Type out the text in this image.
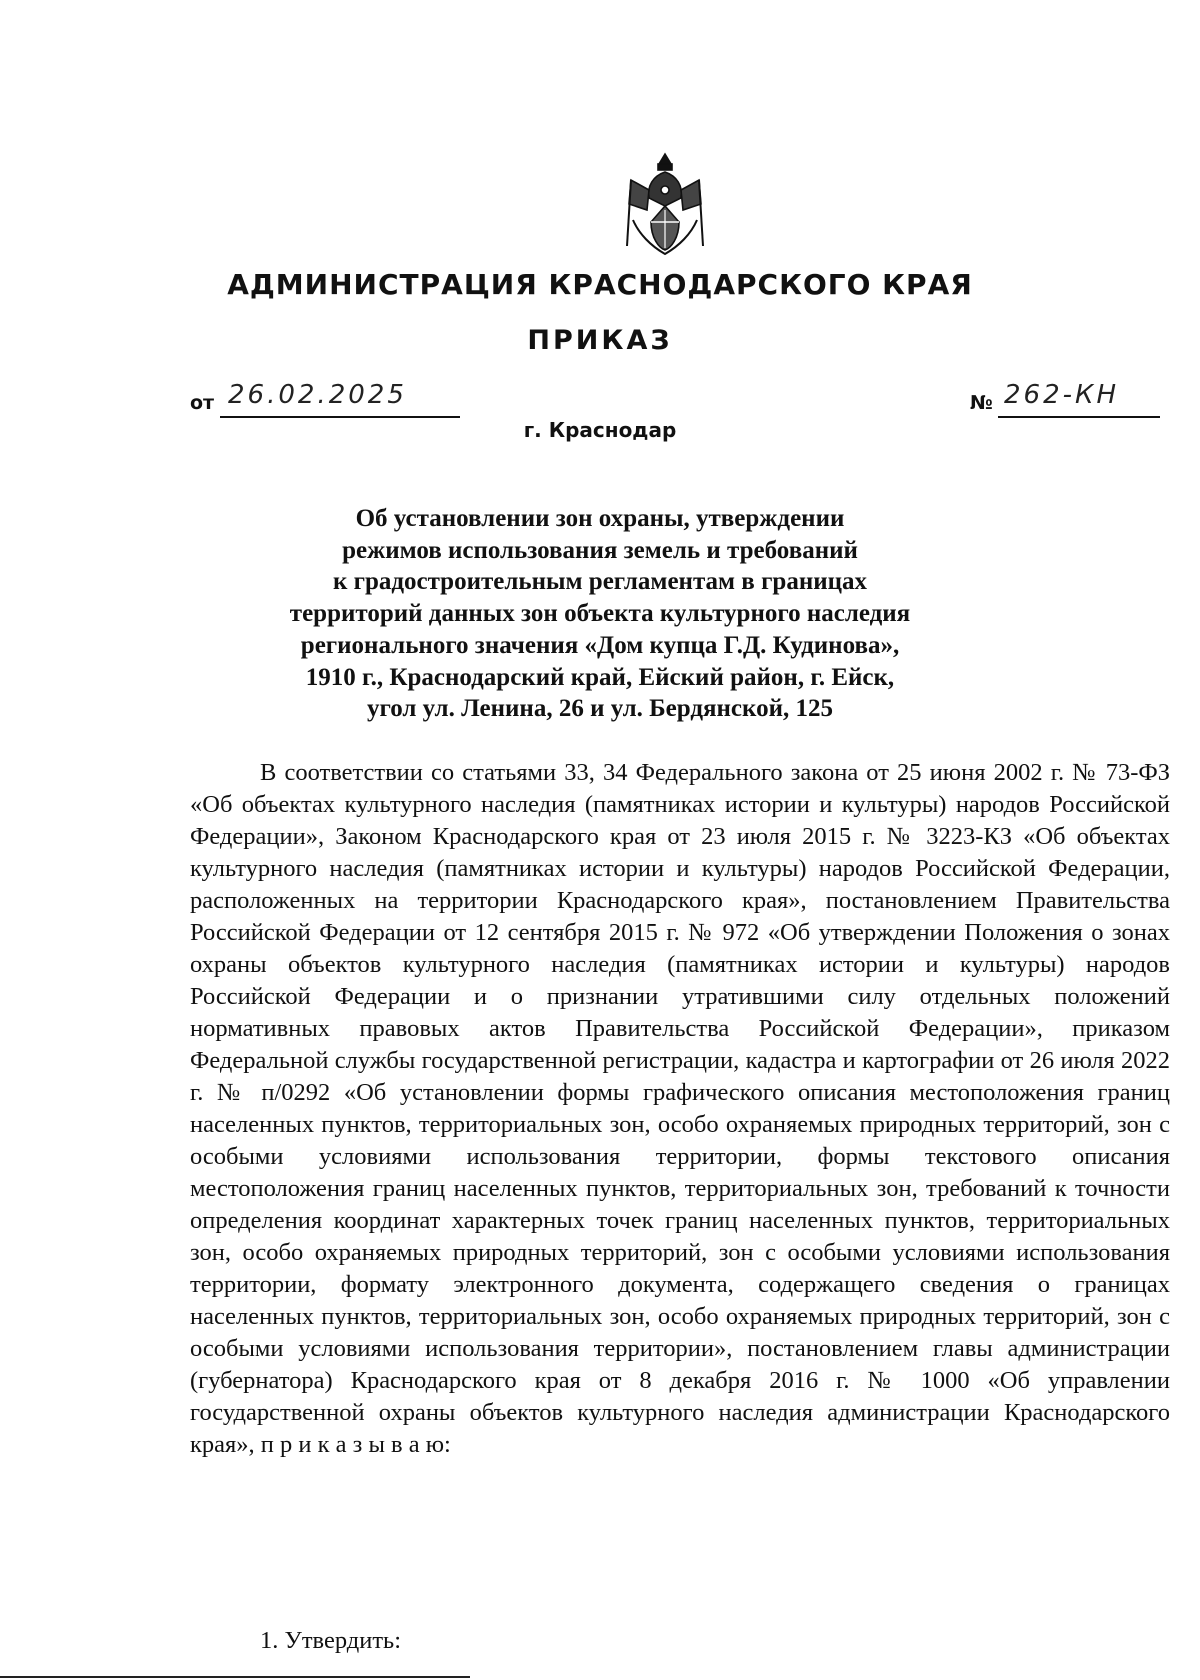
АДМИНИСТРАЦИЯ КРАСНОДАРСКОГО КРАЯ
ПРИКАЗ
от 26.02.2025	№ 262-КН
г. Краснодар
Об установлении зон охраны, утверждении
режимов использования земель и требований
к градостроительным регламентам в границах
территорий данных зон объекта культурного наследия
регионального значения «Дом купца Г.Д. Кудинова»,
1910 г., Краснодарский край, Ейский район, г. Ейск,
угол ул. Ленина, 26 и ул. Бердянской, 125
В соответствии со статьями 33, 34 Федерального закона от 25 июня 2002 г. № 73-ФЗ «Об объектах культурного наследия (памятниках истории и культуры) народов Российской Федерации», Законом Краснодарского края от 23 июля 2015 г. № 3223-КЗ «Об объектах культурного наследия (памятниках истории и культуры) народов Российской Федерации, расположенных на территории Краснодарского края», постановлением Правительства Российской Федерации от 12 сентября 2015 г. № 972 «Об утверждении Положения о зонах охраны объектов культурного наследия (памятниках истории и культуры) народов Российской Федерации и о признании утратившими силу отдельных положений нормативных правовых актов Правительства Российской Федерации», приказом Федеральной службы государственной регистрации, кадастра и картографии от 26 июля 2022 г. № п/0292 «Об установлении формы графического описания местоположения границ населенных пунктов, территориальных зон, особо охраняемых природных территорий, зон с особыми условиями использования территории, формы текстового описания местоположения границ населенных пунктов, территориальных зон, требований к точности определения координат характерных точек границ населенных пунктов, территориальных зон, особо охраняемых природных территорий, зон с особыми условиями использования территории, формату электронного документа, содержащего сведения о границах населенных пунктов, территориальных зон, особо охраняемых природных территорий, зон с особыми условиями использования территории», постановлением главы администрации (губернатора) Краснодарского края от 8 декабря 2016 г. № 1000 «Об управлении государственной охраны объектов культурного наследия администрации Краснодарского края», п р и к а з ы в а ю:
1. Утвердить:
